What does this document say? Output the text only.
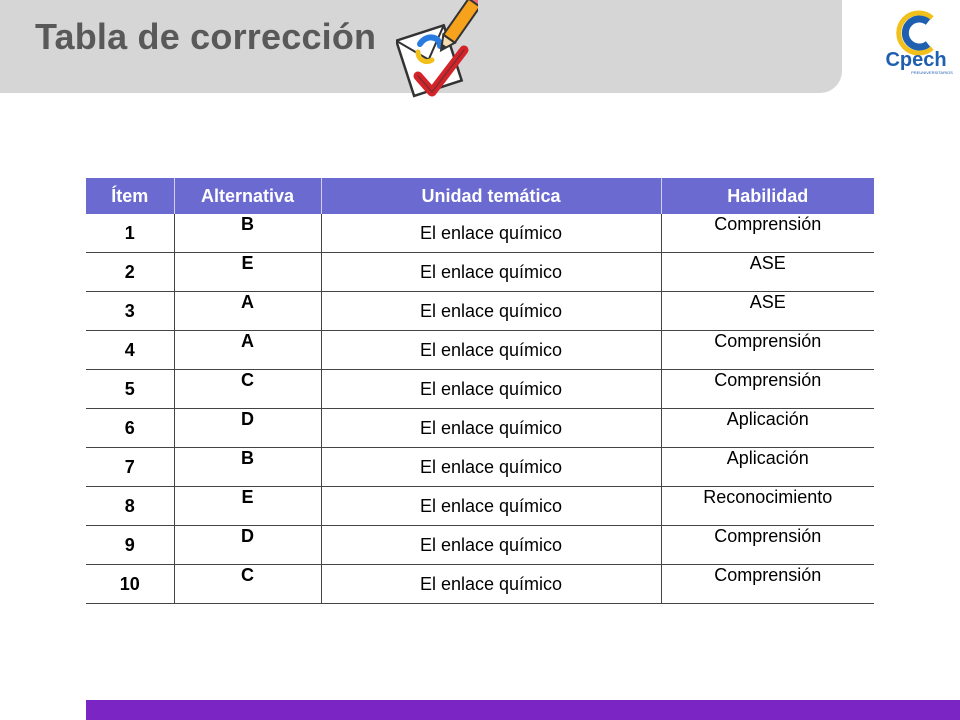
Tabla de corrección
Cpech
PREUNIVERSITARIOS
Ítem	Alternativa	Unidad temática	Habilidad
1	B	El enlace químico	Comprensión
2	E	El enlace químico	ASE
3	A	El enlace químico	ASE
4	A	El enlace químico	Comprensión
5	C	El enlace químico	Comprensión
6	D	El enlace químico	Aplicación
7	B	El enlace químico	Aplicación
8	E	El enlace químico	Reconocimiento
9	D	El enlace químico	Comprensión
10	C	El enlace químico	Comprensión
